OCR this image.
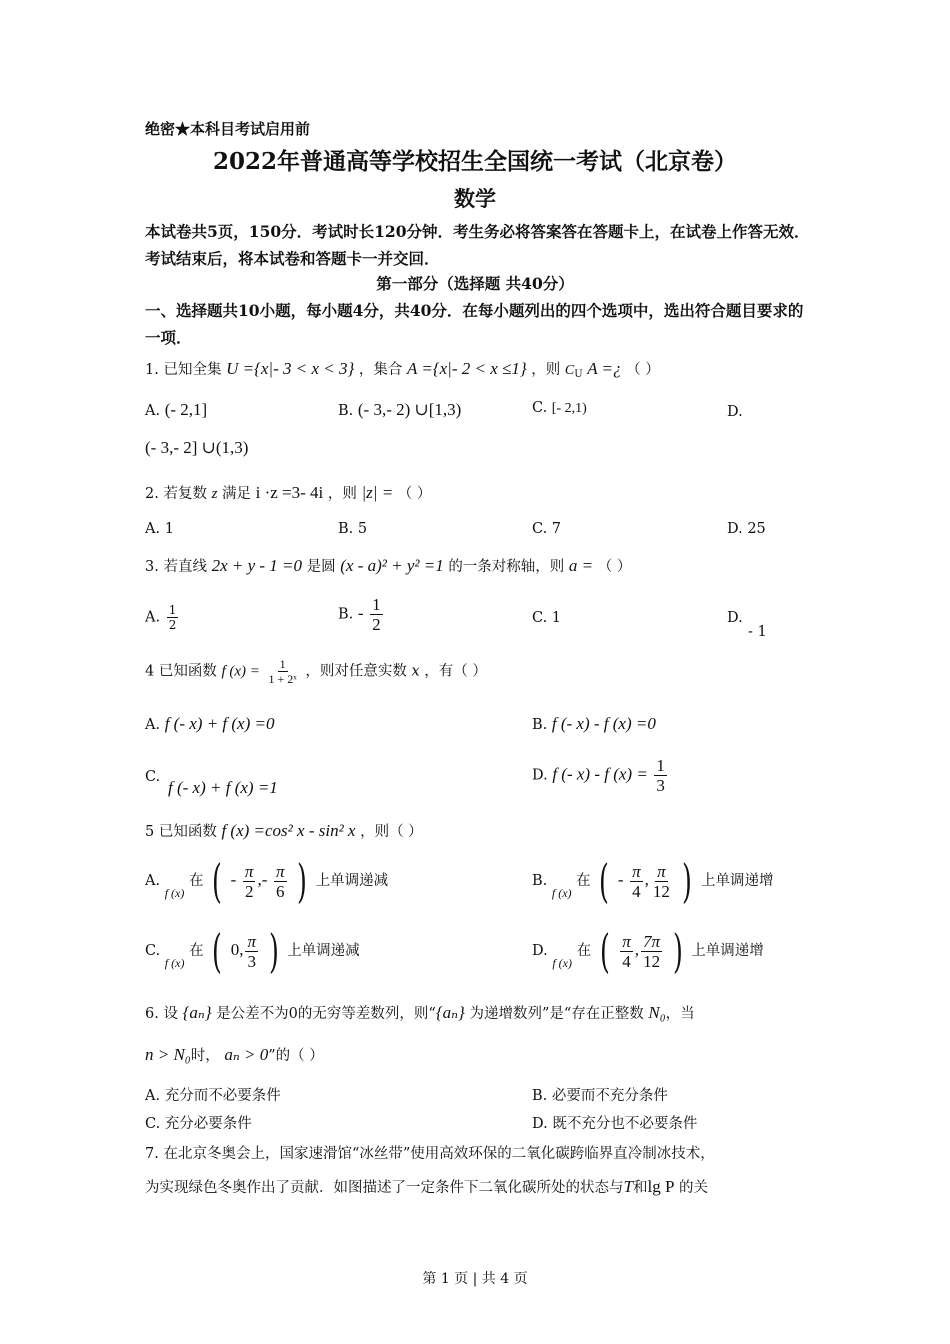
绝密★本科目考试启用前
2022年普通高等学校招生全国统一考试（北京卷）
数学
本试卷共5页，150分．考试时长120分钟．考生务必将答案答在答题卡上，在试卷上作答无效．考试结束后，将本试卷和答题卡一并交回．
第一部分（选择题 共40分）
一、选择题共10小题，每小题4分，共40分．在每小题列出的四个选项中，选出符合题目要求的一项．
1. 已知全集 U ={x|- 3 < x < 3} ，集合 A ={x|- 2 < x ≤1} ，则 $C_U$ A =¿ （ ）
A. (- 2,1]	B. (- 3,- 2) ∪[1,3)	C. [- 2,1)	D.
(- 3,- 2] ∪(1,3)
2. 若复数 z 满足 i ·z =3- 4i ，则 |z| = （ ）
A. 1	B. 5	C. 7	D. 25
3. 若直线 2x + y - 1 =0 是圆 (x - a)² + y² =1 的一条对称轴，则 a = （ ）
A. $\frac{1}{2}$	B. - $\frac{1}{2}$	C. 1	D.
- 1
4 已知函数 f $(x) = \frac{1}{\text{1 + 2ˣ}}$ ，则对任意实数 x ，有（ ）
A. f (- x) + f (x) =0	B. f (- x) - f (x) =0
C.
f (- x) + f (x) =1
D. f (- x) - f $(x) = \frac{1}{3}$
5 已知函数 f (x) =cos² x - sin² x ，则（ ）
A. $_{f (x)}$ 在 ( - $\frac{\pi}{2}$ ,- $\frac{\pi}{6}$ ) 上单调递减	B. $_{f (x)}$ 在 ( - $\frac{\pi}{4}$ , $\frac{\pi}{12}$ ) 上单调递增
C. $_{f (x)}$ 在 ( 0, $\frac{\pi}{3}$ ) 上单调递减	D. $_{f (x)}$ 在 ( $\frac{\pi}{4}$ , $\frac{7\pi}{12}$ ) 上单调递增
6. 设 {aₙ} 是公差不为0的无穷等差数列，则“{aₙ} 为递增数列”是“存在正整数 N₀，当
n > N₀时， aₙ > 0”的（ ）
A. 充分而不必要条件	B. 必要而不充分条件
C. 充分必要条件	D. 既不充分也不必要条件
7. 在北京冬奥会上，国家速滑馆“冰丝带”使用高效环保的二氧化碳跨临界直冷制冰技术，
为实现绿色冬奥作出了贡献．如图描述了一定条件下二氧化碳所处的状态与T和lg P 的关
第 1 页 | 共 4 页
